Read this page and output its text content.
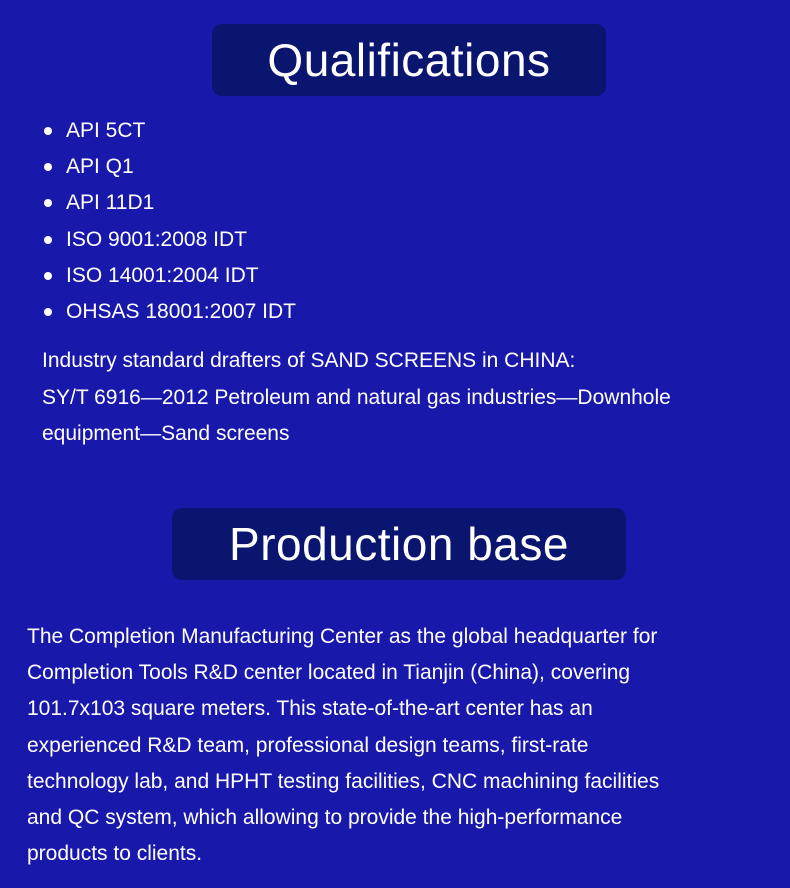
Qualifications
API 5CT
API Q1
API 11D1
ISO 9001:2008 IDT
ISO 14001:2004 IDT
OHSAS 18001:2007 IDT
Industry standard drafters of SAND SCREENS in CHINA:
SY/T 6916—2012 Petroleum and natural gas industries—Downhole
equipment—Sand screens
Production base
The Completion Manufacturing Center as the global headquarter for
Completion Tools R&D center located in Tianjin (China), covering
101.7x103 square meters. This state-of-the-art center has an
experienced R&D team, professional design teams, first-rate
technology lab, and HPHT testing facilities, CNC machining facilities
and QC system, which allowing to provide the high-performance
products to clients.
